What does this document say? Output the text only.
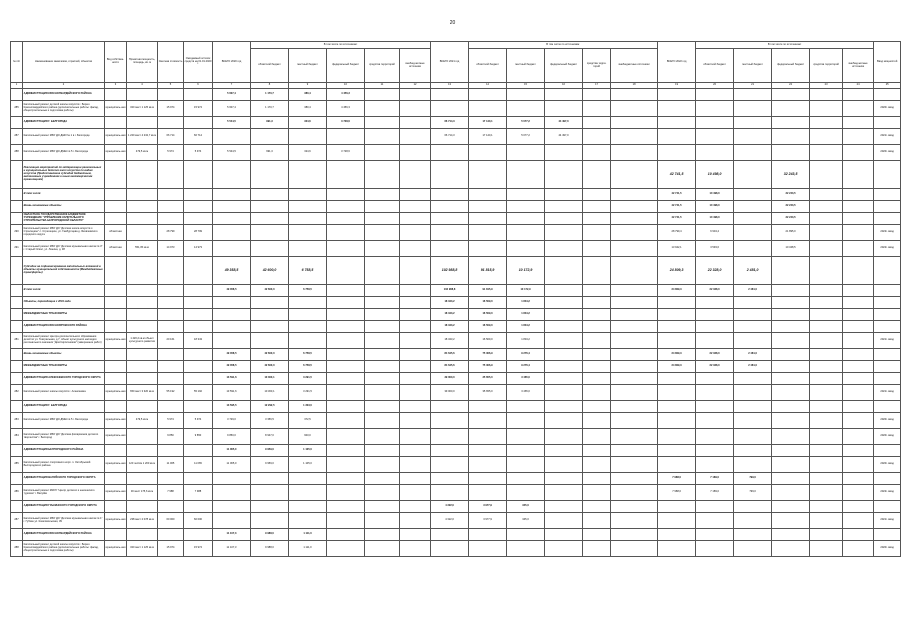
20
№ п/п	Наименование заказчиков, отраслей, объектов	Вид собствен-ности	Проектная мощность, площадь, кв. м	Сметная стоимость	Ожидаемый остаток средств на 01.01.2020 г.	ВСЕГО 2020 год	В том числе по источникам:					ВСЕГО 2021 год	В том числе по источникам:					ВСЕГО 2022 год	В том числе по источникам:					Ввод мощностей
							областной бюджет	местный бюджет	федеральный бюджет	средства территорий	внебюд-жетные источники		областной бюджет	местный бюджет	федеральный бюджет	средства терри-торий	внебюджетные источники		областной бюджет	местный бюджет	федеральный бюджет	средства территорий	внебюд-жетные источники	
1	2	3	4	5	6	7	8	9	10	11	12	13	14	15	16	17	18	19	20	21	22	23	24	25
	АДМИНИСТРАЦИЯ КРАСНОГВАРДЕЙСКОГО РАЙОНА					5 607,4	1 170,7	380,4	4 456,3															
285	Капитальный ремонт детской школы искусств г. Бирюч Красногвардейского района (дополнительные работы: фасад, общестроительные и подготовка работы)	муниципаль-ная	320 мест 1 125 кв.м	15 974	15 974	5 607,4	1 170,7	380,4	4 456,3															2020г. ввод
	АДМИНИСТРАЦИЯ Г. БЕЛГОРОДА					5 544,5	991,3	324,6	3 728,6			66 714,3	17 140,1	5 077,2	44 497,0									
287	Капитальный ремонт МБУ ДО ДШИ № 1 в г. Белгороде	муниципаль-ная	1 220 мест 4 232,7 кв.м	66 714	66 714							66 714,3	17 140,1	5 077,2	44 497,0									2021г. ввод
288	Капитальный ремонт МБУ ДО ДМШ № 5 г. Белгорода	муниципаль-ная	479,5 кв.м	5 974	5 974	5 544,5	991,3	324,6	3 728,6															2020г. ввод
	Реализация мероприятий по модернизации региональных и муниципальных детских школ искусств по видам искусств (Предоставление субсидий бюджетным, автономным учреждениям и иным некоммерческим организациям)																	42 741,5	10 498,0		32 243,5			
	В том числе:																	42 741,5	10 498,0		32 243,5			
	Вновь начинаемые объекты																	42 741,5	10 498,0		32 243,5			
	ОБЛАСТНОЕ ГОСУДАРСТВЕННОЕ БЮДЖЕТНОЕ УЧРЕЖДЕНИЕ "УПРАВЛЕНИЕ КАПИТАЛЬНОГО СТРОИТЕЛЬСТВА БЕЛГОРОДСКОЙ ОБЛАСТИ"																	42 741,5	10 498,0		32 243,5			
290	Капитальный ремонт МБУ ДО "Детская школа искусств с. Стрелецкое" с. Стрелецкое, ул. Гамбургцева д. Яковлевского городского округа	областная		28 799	28 799													28 799,4	6 904,4		21 895,0			2022г. ввод
291	Капитальный ремонт МБУ ДО "Детская музыкальная школа № 3" г. Старый Оскол, ул. Ленина, д. 38	областная	551,05 кв.м	14 973	14 973													13 942,1	3 593,6		10 348,5			2022г. ввод
	Субсидии на софинансирование капитальных вложений в объекты муниципальной собственности (Межбюджетные трансферты)					49 358,5	42 600,0	6 758,5				102 988,8	91 815,9	10 172,9				24 809,3	22 328,0	2 481,0				
	В том числе:					49 358,5	42 600,0	6 758,5				102 988,8	91 815,9	10 172,9				24 809,3	22 328,0	2 481,0				
	Объекты, переходящие с 2019 года											18 343,2	16 509,0	1 834,2										
	МЕЖБЮДЖЕТНЫЕ ТРАНСФЕРТЫ											18 343,2	16 509,0	1 834,2										
	АДМИНИСТРАЦИЯ КРАСНОЯРУЖСКОГО РАЙОНА											18 343,2	16 509,0	1 834,2										
281	Капитальный ремонт Центра дополнительного образования детей по ул. Театральная, д.7, объект культурного наследия регионального значения "Дом Кирпичников" (завершение работ)	муниципаль-ная	1 420,2 кв.м объект культурного развития	20 161	18 343							18 343,2	16 509,0	1 834,2										2021г. ввод
	Вновь начинаемые объекты					49 358,5	42 600,0	6 758,5				84 645,6	75 306,9	9 276,4				24 809,3	22 328,0	2 481,0				
	МЕЖБЮДЖЕТНЫЕ ТРАНСФЕРТЫ					49 358,5	42 600,0	6 758,5				84 645,6	75 306,9	9 276,4				24 809,3	22 328,0	2 481,0				
	АДМИНИСТРАЦИЯ АЛЕКСЕЕВСКОГО ГОРОДСКОГО ОКРУГА					13 591,6	10 300,1	3 291,5				39 000,0	35 655,0	3 465,0										
282	Капитальный ремонт школы искусств г. Алексеевка	муниципаль-ная	650 мест 3 320 кв.м	55 192	55 192	13 591,6	10 300,1	3 291,5				39 000,0	35 655,0	3 465,0										2021г. ввод
	АДМИНИСТРАЦИЯ Г. БЕЛГОРОДА					13 595,5	12 292,5	1 303,0																
283	Капитальный ремонт МБУ ДО ДМШ № 5 г. Белгорода	муниципаль-ная	479,5 кв.м	5 974	5 974	3 729,0	3 356,5	372,5																2020г. ввод
284	Капитальный ремонт МБУ ДО "Детская филармония детского творчества" г. Белгород	муниципаль-ная		9 850	9 850	9 850,0	8 947,0	903,0																2020г. ввод
	АДМИНИСТРАЦИЯ БЕЛГОРОДСКОГО РАЙОНА					11 065,0	9 959,0	1 105,0																
285	Капитальный ремонт спортивного корп. п. Октябрьский Белгородского района	муниципаль-ная	120 чел/см 1 200 кв.м	11 065	11 065	11 065,0	9 959,0	1 105,0																2020г. ввод
	АДМИНИСТРАЦИЯ ВАЛУЙСКОГО ГОРОДСКОГО ОКРУГА																	7 988,0	7 189,0	799,0				
286	Капитальный ремонт МКОУ "Центр детского и юношеского туризма" г. Валуйки	муниципаль-ная	30 мест 175,6 кв.м	7 988	7 988													7 988,0	7 189,0	799,0				2022г. ввод
	АДМИНИСТРАЦИЯ ГУБКИНСКОГО ГОРОДСКОГО ОКРУГА											4 322,0	3 977,9	345,0										
287	Капитальный ремонт МБУ ДО "Детская музыкальная школа № 1" г. Губкин ул. Комсомольская, 39	муниципаль-ная	238 мест 2 078 кв.м	60 000	60 000							4 322,0	3 977,9	345,0										2021г. ввод
	АДМИНИСТРАЦИЯ КРАСНОГВАРДЕЙСКОГО РАЙОНА					11 107,3	9 988,0	1 111,0																
288	Капитальный ремонт детской школы искусств г. Бирюч Красногвардейского района (дополнительные работы: фасад, общестроительные и подготовка работы)	муниципаль-ная	320 мест 1 125 кв.м	15 974	15 974	11 107,3	9 988,0	1 111,0																2020г. ввод
